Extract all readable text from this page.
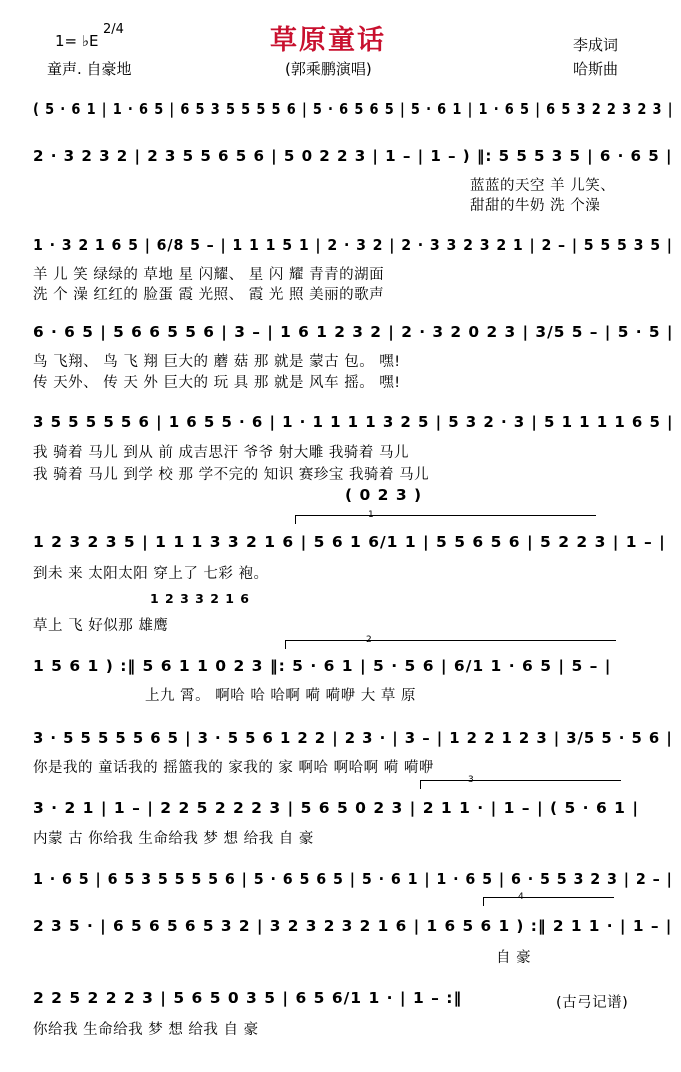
1= ♭E
2/4	草原童话	李成词
童声. 自豪地	(郭乘鹏演唱)	哈斯曲
( 5 · 6 1 | 1 · 6 5 | 6 5 3 5 5 5 5 6 | 5 · 6 5 6 5 | 5 · 6 1 | 1 · 6 5 | 6 5 3 2 2 3 2 3 |
2 · 3 2 3 2 | 2 3 5 5 6 5 6 | 5 0 2 2 3 | 1 – | 1 – ) ‖: 5 5 5 3 5 | 6 · 6 5 |
蓝蓝的天空 羊 儿笑、
甜甜的牛奶 洗 个澡
1 · 3 2 1 6 5 | 6/8 5 – | 1 1 1 5 1 | 2 · 3 2 | 2 · 3 3 2 3 2 1 | 2 – | 5 5 5 3 5 |
羊 儿 笑 绿绿的 草地 星 闪耀、 星 闪 耀 青青的湖面
洗 个 澡 红红的 脸蛋 霞 光照、 霞 光 照 美丽的歌声
6 · 6 5 | 5 6 6 5 5 6 | 3 – | 1 6 1 2 3 2 | 2 · 3 2 0 2 3 | 3/5 5 – | 5 · 5 |
鸟 飞翔、 鸟 飞 翔 巨大的 蘑 菇 那 就是 蒙古 包。 嘿!
传 天外、 传 天 外 巨大的 玩 具 那 就是 风车 摇。 嘿!
3 5 5 5 5 5 6 | 1 6 5 5 · 6 | 1 · 1 1 1 1 3 2 5 | 5 3 2 · 3 | 5 1 1 1 1 6 5 |
我 骑着 马儿 到从 前 成吉思汗 爷爷 射大雕 我骑着 马儿
我 骑着 马儿 到学 校 那 学不完的 知识 赛珍宝 我骑着 马儿
( 0 2 3 )
1
1 2 3 2 3 5 | 1 1 1 3 3 2 1 6 | 5 6 1 6/1 1 | 5 5 6 5 6 | 5 2 2 3 | 1 – |
到未 来 太阳太阳 穿上了 七彩 袍。
1 2 3 3 2 1 6
草上 飞 好似那 雄鹰
2
1 5 6 1 ) :‖ 5 6 1 1 0 2 3 ‖: 5 · 6 1 | 5 · 5 6 | 6/1 1 · 6 5 | 5 – |
上九 霄。 啊哈 哈 哈啊 嗬 嗬咿 大 草 原
3
3 · 5 5 5 5 5 6 5 | 3 · 5 5 6 1 2 2 | 2 3 · | 3 – | 1 2 2 1 2 3 | 3/5 5 · 5 6 |
你是我的 童话我的 摇篮我的 家我的 家 啊哈 啊哈啊 嗬 嗬咿
3 · 2 1 | 1 – | 2 2 5 2 2 2 3 | 5 6 5 0 2 3 | 2 1 1 · | 1 – | ( 5 · 6 1 |
内蒙 古 你给我 生命给我 梦 想 给我 自 豪
4
1 · 6 5 | 6 5 3 5 5 5 5 6 | 5 · 6 5 6 5 | 5 · 6 1 | 1 · 6 5 | 6 · 5 5 3 2 3 | 2 – |
2 3 5 · | 6 5 6 5 6 5 3 2 | 3 2 3 2 3 2 1 6 | 1 6 5 6 1 ) :‖ 2 1 1 · | 1 – |
自 豪
2 2 5 2 2 2 3 | 5 6 5 0 3 5 | 6 5 6/1 1 · | 1 – :‖
你给我 生命给我 梦 想 给我 自 豪
(古弓记谱)
